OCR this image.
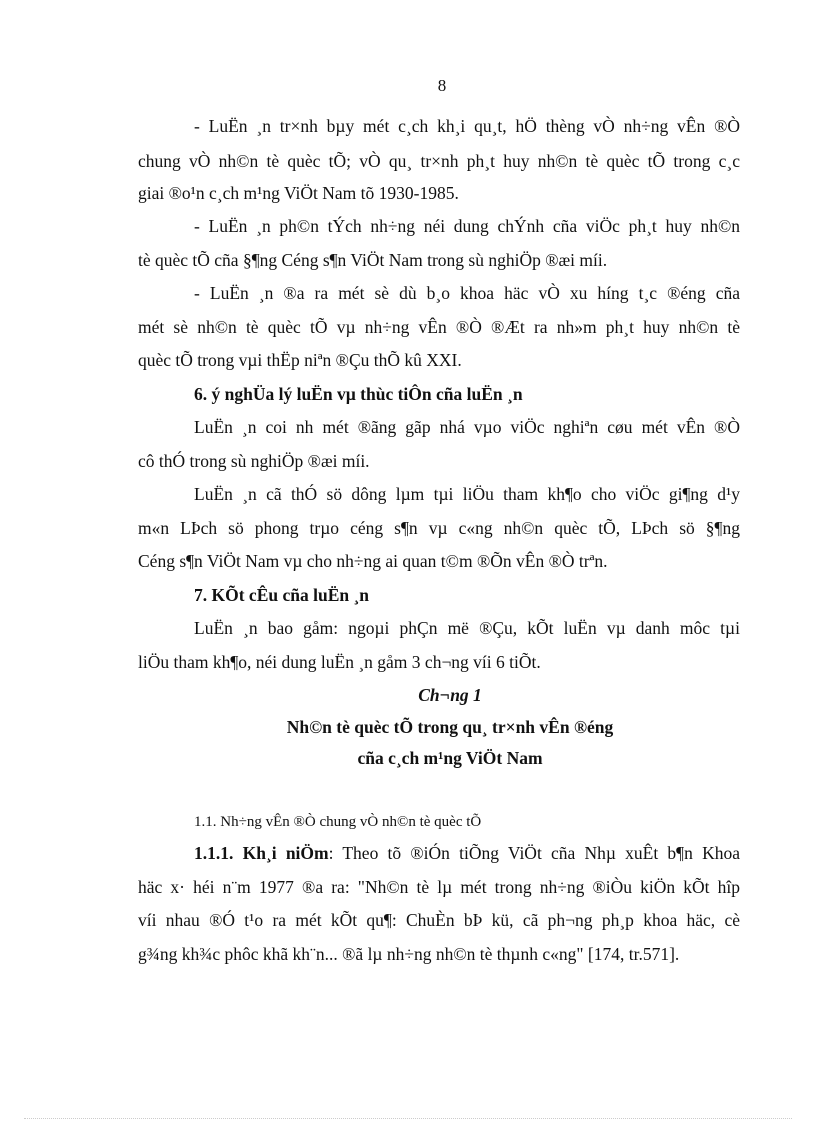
8
- LuËn ¸n tr×nh bµy mét c¸ch kh¸i qu¸t, hÖ thèng vÒ nh÷ng vÊn ®Ò
chung vÒ nh©n tè quèc tÕ; vÒ qu¸ tr×nh ph¸t huy nh©n tè quèc tÕ trong c¸c
giai ®o¹n c¸ch m¹ng ViÖt Nam tõ 1930-1985.
- LuËn ¸n ph©n tÝch nh÷ng néi dung chÝnh cña viÖc ph¸t huy nh©n
tè quèc tÕ cña §¶ng Céng s¶n ViÖt Nam trong sù nghiÖp ®æi míi.
- LuËn ¸n ®a ra mét sè dù b¸o khoa häc vÒ xu híng t¸c ®éng cña
mét sè nh©n tè quèc tÕ vµ nh÷ng vÊn ®Ò ®Æt ra nh»m ph¸t huy nh©n tè
quèc tÕ trong vµi thËp niªn ®Çu thÕ kû XXI.
6. ý nghÜa lý luËn vµ thùc tiÔn cña luËn ¸n
LuËn ¸n coi nh mét ®ãng gãp nhá vµo viÖc nghiªn cøu mét vÊn ®Ò
cô thÓ trong sù nghiÖp ®æi míi.
LuËn ¸n cã thÓ sö dông lµm tµi liÖu tham kh¶o cho viÖc gi¶ng d¹y
m«n LÞch sö phong trµo céng s¶n vµ c«ng nh©n quèc tÕ, LÞch sö §¶ng
Céng s¶n ViÖt Nam vµ cho nh÷ng ai quan t©m ®Õn vÊn ®Ò trªn.
7. KÕt cÊu cña luËn ¸n
LuËn ¸n bao gåm: ngoµi phÇn më ®Çu, kÕt luËn vµ danh môc tµi
liÖu tham kh¶o, néi dung luËn ¸n gåm 3 ch¬ng víi 6 tiÕt.
Ch¬ng 1
Nh©n tè quèc tÕ trong qu¸ tr×nh vÊn ®éng
cña c¸ch m¹ng ViÖt Nam
1.1. Nh÷ng vÊn ®Ò chung vÒ nh©n tè quèc tÕ
1.1.1. Kh¸i niÖm: Theo tõ ®iÓn tiÕng ViÖt cña Nhµ xuÊt b¶n Khoa
häc x· héi n¨m 1977 ®a ra: "Nh©n tè lµ mét trong nh÷ng ®iÒu kiÖn kÕt hîp
víi nhau ®Ó t¹o ra mét kÕt qu¶: ChuÈn bÞ kü, cã ph¬ng ph¸p khoa häc, cè
g¾ng kh¾c phôc khã kh¨n... ®ã lµ nh÷ng nh©n tè thµnh c«ng" [174, tr.571].
